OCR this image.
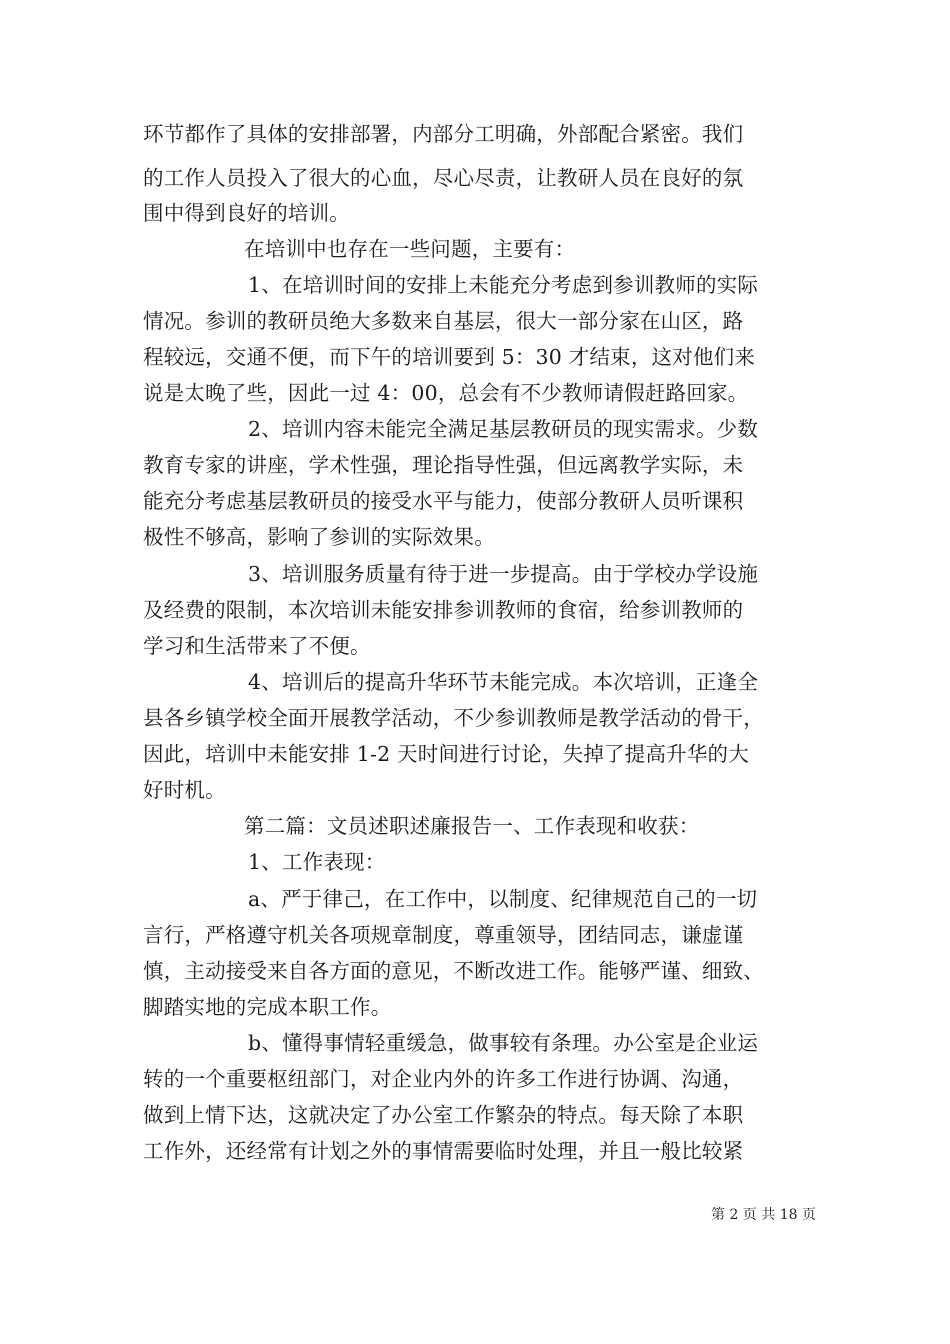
环节都作了具体的安排部署，内部分工明确，外部配合紧密。我们
的工作人员投入了很大的心血，尽心尽责，让教研人员在良好的氛
围中得到良好的培训。
在培训中也存在一些问题，主要有：
1、在培训时间的安排上未能充分考虑到参训教师的实际
情况。参训的教研员绝大多数来自基层，很大一部分家在山区，路
程较远，交通不便，而下午的培训要到 5：30 才结束，这对他们来
说是太晚了些，因此一过 4：00，总会有不少教师请假赶路回家。
2、培训内容未能完全满足基层教研员的现实需求。少数
教育专家的讲座，学术性强，理论指导性强，但远离教学实际，未
能充分考虑基层教研员的接受水平与能力，使部分教研人员听课积
极性不够高，影响了参训的实际效果。
3、培训服务质量有待于进一步提高。由于学校办学设施
及经费的限制，本次培训未能安排参训教师的食宿，给参训教师的
学习和生活带来了不便。
4、培训后的提高升华环节未能完成。本次培训，正逢全
县各乡镇学校全面开展教学活动，不少参训教师是教学活动的骨干，
因此，培训中未能安排 1-2 天时间进行讨论，失掉了提高升华的大
好时机。
第二篇：文员述职述廉报告一、工作表现和收获：
1、工作表现：
a、严于律己，在工作中，以制度、纪律规范自己的一切
言行，严格遵守机关各项规章制度，尊重领导，团结同志，谦虚谨
慎，主动接受来自各方面的意见，不断改进工作。能够严谨、细致、
脚踏实地的完成本职工作。
b、懂得事情轻重缓急，做事较有条理。办公室是企业运
转的一个重要枢纽部门，对企业内外的许多工作进行协调、沟通，
做到上情下达，这就决定了办公室工作繁杂的特点。每天除了本职
工作外，还经常有计划之外的事情需要临时处理，并且一般比较紧
第 2 页 共 18 页
